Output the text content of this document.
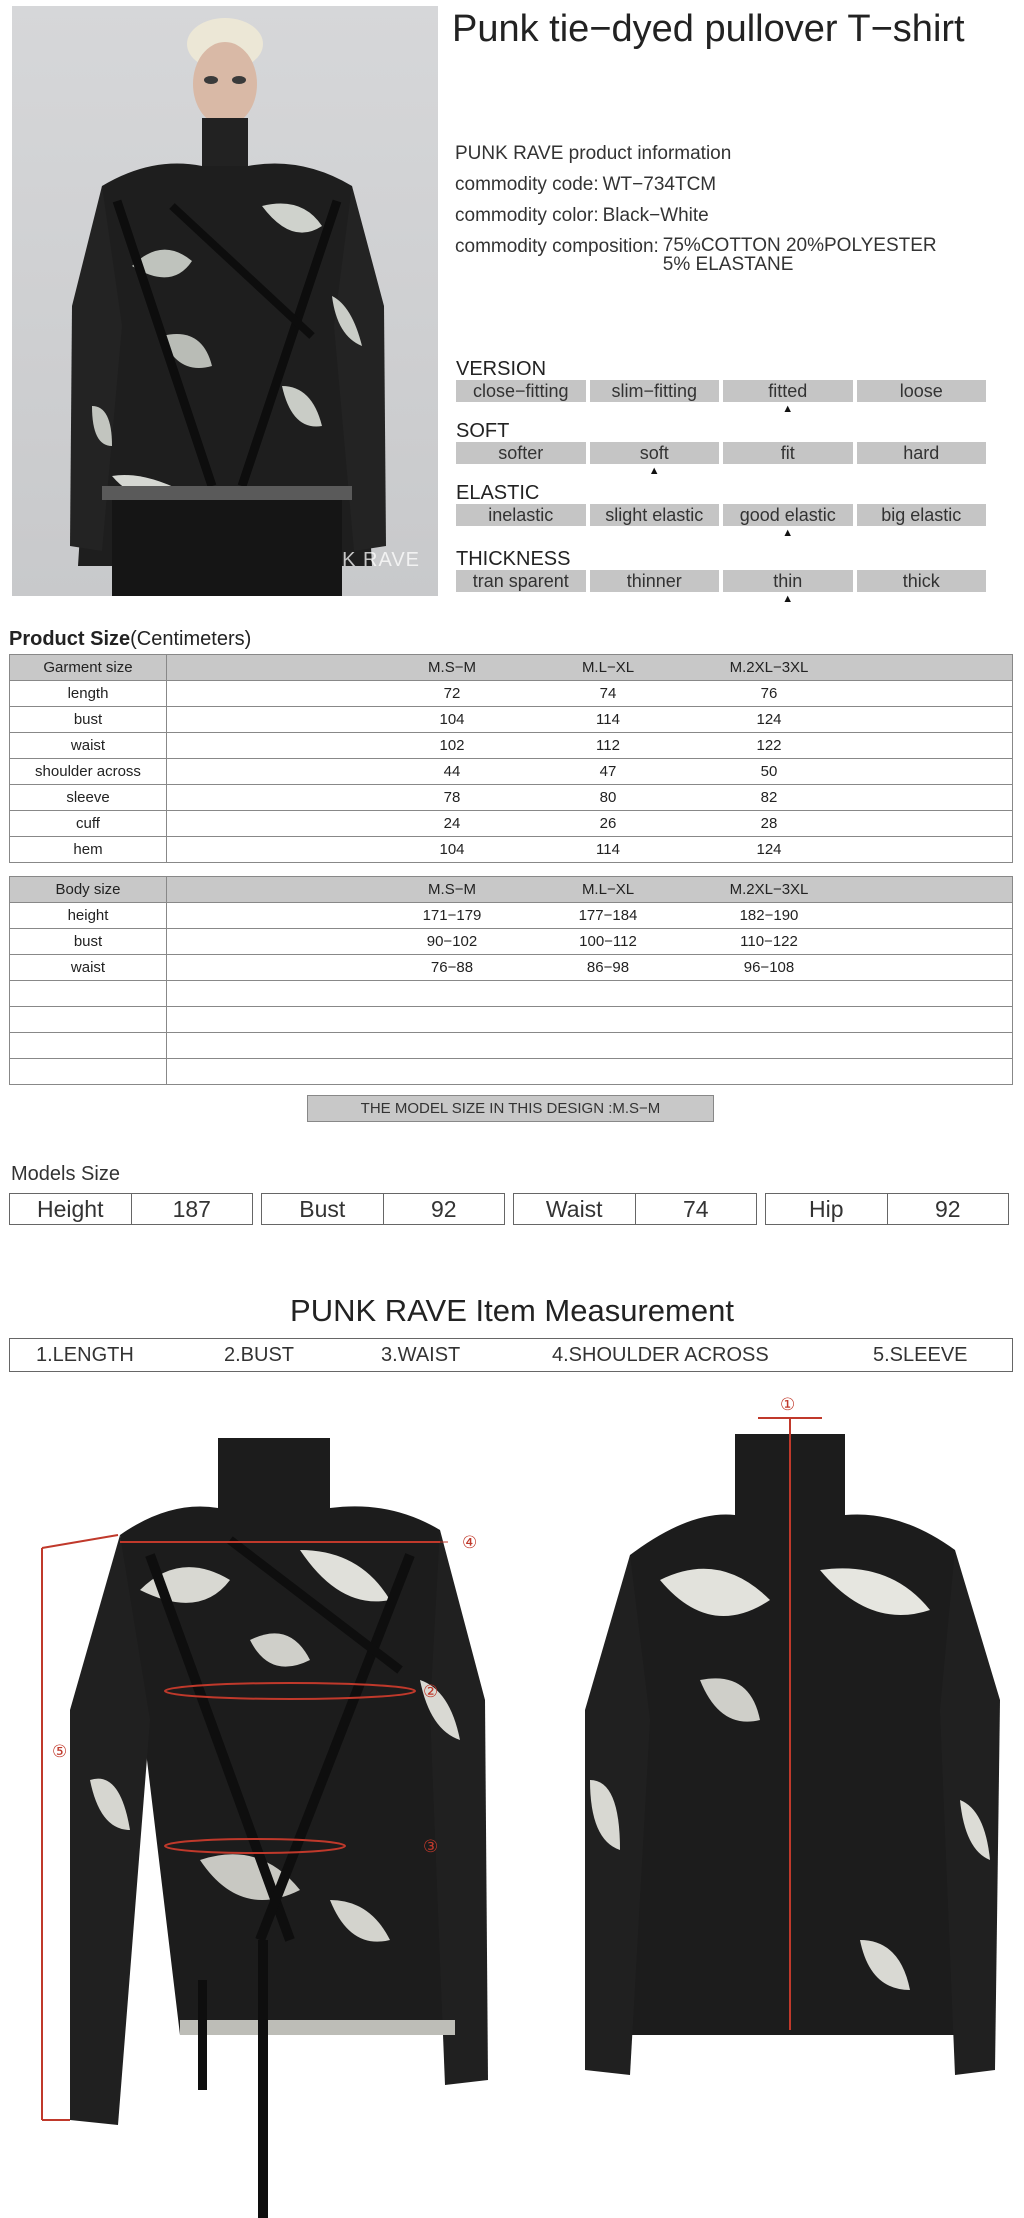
K RAVE
Punk tie−dyed pullover T−shirt
PUNK RAVE product information
commodity code: WT−734TCM
commodity color: Black−White
commodity composition: 75%COTTON 20%POLYESTER
5% ELASTANE
VERSION
close−fitting	slim−fitting	fitted	loose
▲
SOFT
softer	soft	fit	hard
▲
ELASTIC
inelastic	slight elastic	good elastic	big elastic
▲
THICKNESS
tran sparent	thinner	thin	thick
▲
Product Size(Centimeters)
Garment size	M.S−M M.L−XL M.2XL−3XL

length	72 74 76

bust	104 114 124

waist	102 112 122

shoulder across	44 47 50

sleeve	78 80 82

cuff	24 26 28

hem	104 114 124
Body size	M.S−M M.L−XL M.2XL−3XL

height	171−179 177−184 182−190

bust	90−102 100−112 110−122

waist	76−88 86−98 96−108

THE MODEL SIZE IN THIS DESIGN :M.S−M
Models Size
Height	187	Bust	92	Waist	74	Hip	92
PUNK RAVE Item Measurement
1.LENGTH	2.BUST	3.WAIST	4.SHOULDER ACROSS	5.SLEEVE
④
②
③
⑤
①
